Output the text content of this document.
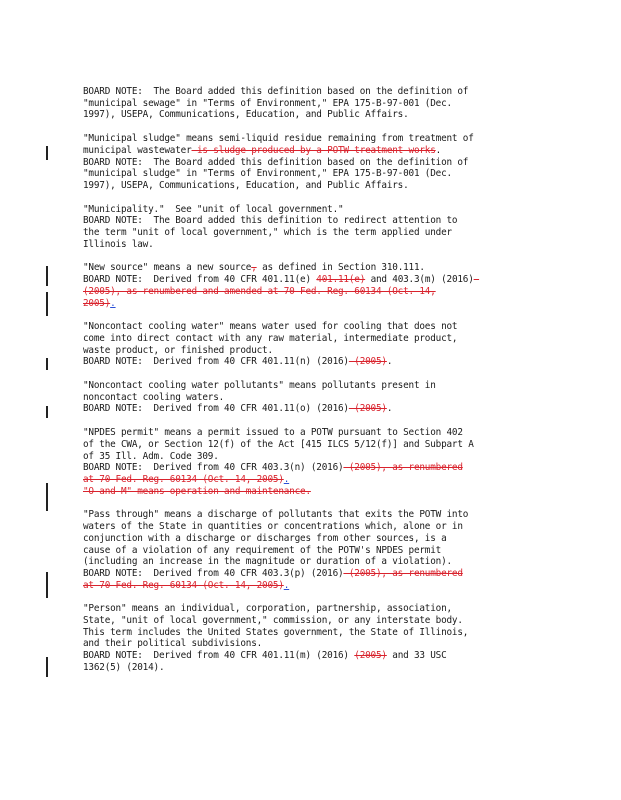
BOARD NOTE:  The Board added this definition based on the definition of
"municipal sewage" in "Terms of Environment," EPA 175-B-97-001 (Dec.
1997), USEPA, Communications, Education, and Public Affairs.
"Municipal sludge" means semi-liquid residue remaining from treatment of
municipal wastewater is sludge produced by a POTW treatment works.
BOARD NOTE:  The Board added this definition based on the definition of
"municipal sludge" in "Terms of Environment," EPA 175-B-97-001 (Dec.
1997), USEPA, Communications, Education, and Public Affairs.
"Municipality."  See "unit of local government."
BOARD NOTE:  The Board added this definition to redirect attention to
the term "unit of local government," which is the term applied under
Illinois law.
"New source" means a new source, as defined in Section 310.111.
BOARD NOTE:  Derived from 40 CFR 401.11(e) 401.11(e) and 403.3(m) (2016)
(2005), as renumbered and amended at 70 Fed. Reg. 60134 (Oct. 14,
2005).
"Noncontact cooling water" means water used for cooling that does not
come into direct contact with any raw material, intermediate product,
waste product, or finished product.
BOARD NOTE:  Derived from 40 CFR 401.11(n) (2016) (2005).
"Noncontact cooling water pollutants" means pollutants present in
noncontact cooling waters.
BOARD NOTE:  Derived from 40 CFR 401.11(o) (2016) (2005).
"NPDES permit" means a permit issued to a POTW pursuant to Section 402
of the CWA, or Section 12(f) of the Act [415 ILCS 5/12(f)] and Subpart A
of 35 Ill. Adm. Code 309.
BOARD NOTE:  Derived from 40 CFR 403.3(n) (2016) (2005), as renumbered
at 70 Fed. Reg. 60134 (Oct. 14, 2005).
"O and M" means operation and maintenance.
"Pass through" means a discharge of pollutants that exits the POTW into
waters of the State in quantities or concentrations which, alone or in
conjunction with a discharge or discharges from other sources, is a
cause of a violation of any requirement of the POTW's NPDES permit
(including an increase in the magnitude or duration of a violation).
BOARD NOTE:  Derived from 40 CFR 403.3(p) (2016) (2005), as renumbered
at 70 Fed. Reg. 60134 (Oct. 14, 2005).
"Person" means an individual, corporation, partnership, association,
State, "unit of local government," commission, or any interstate body.
This term includes the United States government, the State of Illinois,
and their political subdivisions.
BOARD NOTE:  Derived from 40 CFR 401.11(m) (2016) (2005) and 33 USC
1362(5) (2014).
